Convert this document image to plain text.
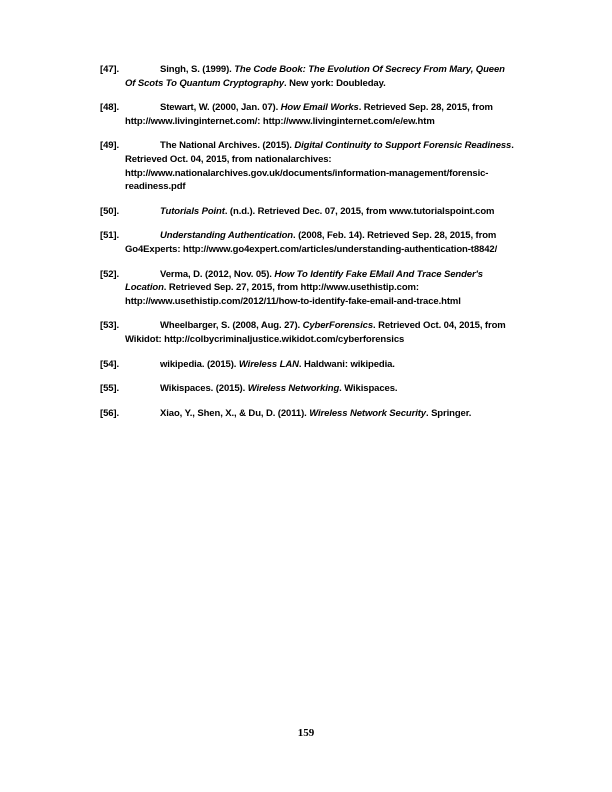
[47].	Singh, S. (1999). The Code Book: The Evolution Of Secrecy From Mary, Queen Of Scots To Quantum Cryptography. New york: Doubleday.

[48].	Stewart, W. (2000, Jan. 07). How Email Works. Retrieved Sep. 28, 2015, from http://www.livinginternet.com/: http://www.livinginternet.com/e/ew.htm

[49].	The National Archives. (2015). Digital Continuity to Support Forensic Readiness. Retrieved Oct. 04, 2015, from nationalarchives: http://www.nationalarchives.gov.uk/documents/information-management/forensic-readiness.pdf

[50].	Tutorials Point. (n.d.). Retrieved Dec. 07, 2015, from www.tutorialspoint.com

[51].	Understanding Authentication. (2008, Feb. 14). Retrieved Sep. 28, 2015, from Go4Experts: http://www.go4expert.com/articles/understanding-authentication-t8842/

[52].	Verma, D. (2012, Nov. 05). How To Identify Fake EMail And Trace Sender's Location. Retrieved Sep. 27, 2015, from http://www.usethistip.com: http://www.usethistip.com/2012/11/how-to-identify-fake-email-and-trace.html

[53].	Wheelbarger, S. (2008, Aug. 27). CyberForensics. Retrieved Oct. 04, 2015, from Wikidot: http://colbycriminaljustice.wikidot.com/cyberforensics

[54].	wikipedia. (2015). Wireless LAN. Haldwani: wikipedia.

[55].	Wikispaces. (2015). Wireless Networking. Wikispaces.

[56].	Xiao, Y., Shen, X., & Du, D. (2011). Wireless Network Security. Springer.

159
